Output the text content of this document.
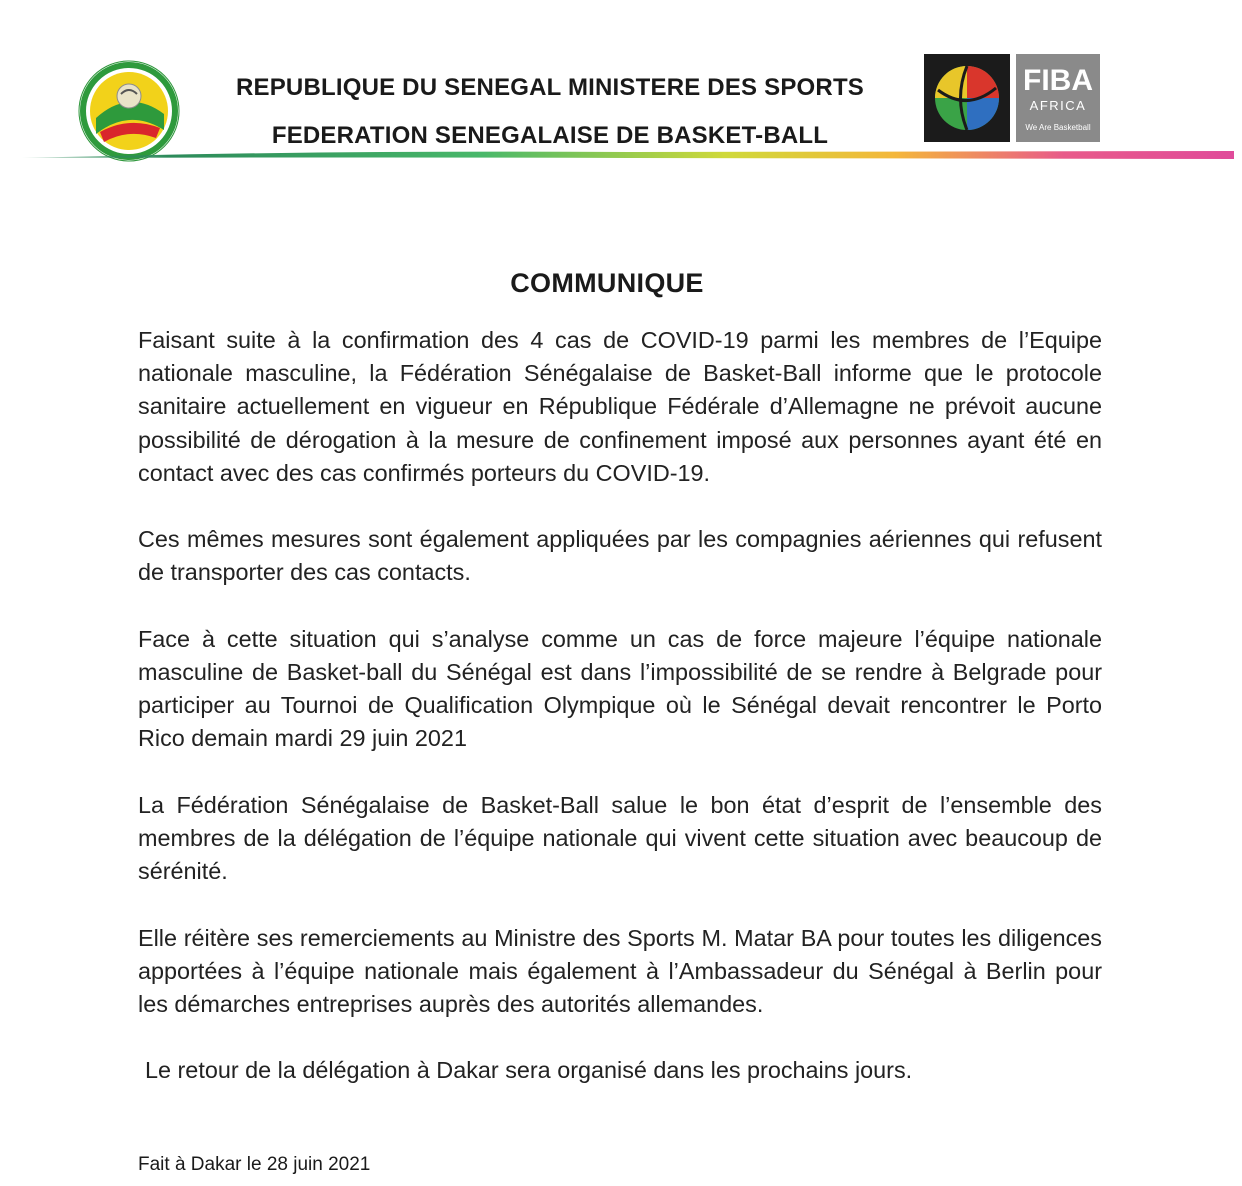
REPUBLIQUE DU SENEGAL MINISTERE DES SPORTS
FEDERATION SENEGALAISE DE BASKET-BALL
FIBA
AFRICA
We Are Basketball
COMMUNIQUE

Faisant suite à la confirmation des 4 cas de COVID-19 parmi les membres de l’Equipe nationale masculine, la Fédération Sénégalaise de Basket-Ball informe que le protocole sanitaire actuellement en vigueur en République Fédérale d’Allemagne ne prévoit aucune possibilité de dérogation à la mesure de confinement imposé aux personnes ayant été en contact avec des cas confirmés porteurs du COVID-19.

Ces mêmes mesures sont également appliquées par les compagnies aériennes qui refusent de transporter des cas contacts.

Face à cette situation qui s’analyse comme un cas de force majeure l’équipe nationale masculine de Basket-ball du Sénégal est dans l’impossibilité de se rendre à Belgrade pour participer au Tournoi de Qualification Olympique où le Sénégal devait rencontrer le Porto Rico demain mardi 29 juin 2021

La Fédération Sénégalaise de Basket-Ball salue le bon état d’esprit de l’ensemble des membres de la délégation de l’équipe nationale qui vivent cette situation avec beaucoup de sérénité.

Elle réitère ses remerciements au Ministre des Sports M. Matar BA pour toutes les diligences apportées à l’équipe nationale mais également à l’Ambassadeur du Sénégal à Berlin pour les démarches entreprises auprès des autorités allemandes.

Le retour de la délégation à Dakar sera organisé dans les prochains jours.

Fait à Dakar le 28 juin 2021
